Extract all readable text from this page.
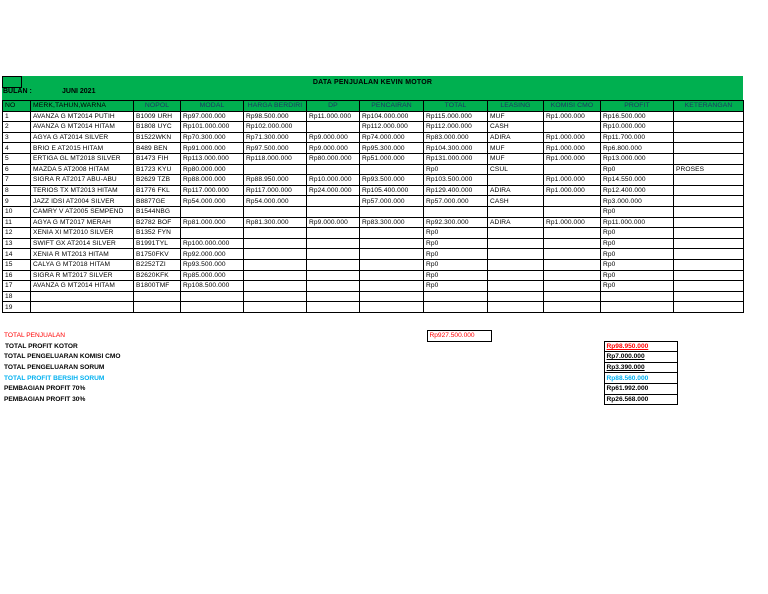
DATA PENJUALAN KEVIN MOTOR
BULAN :	JUNI 2021
NO	MERK,TAHUN,WARNA	NOPOL	MODAL	HARGA BERDIRI	DP	PENCAIRAN	TOTAL	LEASING	KOMISI CMO	PROFIT	KETERANGAN
1	AVANZA G MT2014 PUTIH	B1009 URH	Rp97.000.000	Rp98.500.000	Rp11.000.000	Rp104.000.000	Rp115.000.000	MUF	Rp1.000.000	Rp16.500.000	
2	AVANZA G MT2014 HITAM	B1808 UYC	Rp101.000.000	Rp102.000.000		Rp112.000.000	Rp112.000.000	CASH		Rp10.000.000	
3	AGYA G AT2014 SILVER	B1522WKN	Rp70.300.000	Rp71.300.000	Rp9.000.000	Rp74.000.000	Rp83.000.000	ADIRA	Rp1.000.000	Rp11.700.000	
4	BRIO E AT2015 HITAM	B489 BEN	Rp91.000.000	Rp97.500.000	Rp9.000.000	Rp95.300.000	Rp104.300.000	MUF	Rp1.000.000	Rp6.800.000	
5	ERTIGA GL MT2018 SILVER	B1473 FIH	Rp113.000.000	Rp118.000.000	Rp80.000.000	Rp51.000.000	Rp131.000.000	MUF	Rp1.000.000	Rp13.000.000	
6	MAZDA 5 AT2008 HITAM	B1723 KYU	Rp80.000.000				Rp0	CSUL		Rp0	PROSES
7	SIGRA R AT2017 ABU-ABU	B2629 TZB	Rp88.000.000	Rp88.950.000	Rp10.000.000	Rp93.500.000	Rp103.500.000		Rp1.000.000	Rp14.550.000	
8	TERIOS TX MT2013 HITAM	B1776 FKL	Rp117.000.000	Rp117.000.000	Rp24.000.000	Rp105.400.000	Rp129.400.000	ADIRA	Rp1.000.000	Rp12.400.000	
9	JAZZ IDSI AT2004 SILVER	B8877GE	Rp54.000.000	Rp54.000.000		Rp57.000.000	Rp57.000.000	CASH		Rp3.000.000	
10	CAMRY V AT2005 SEMPEND	B1544NBG								Rp0	
11	AGYA G MT2017 MERAH	B2782 BOF	Rp81.000.000	Rp81.300.000	Rp9.000.000	Rp83.300.000	Rp92.300.000	ADIRA	Rp1.000.000	Rp11.000.000	
12	XENIA XI MT2010 SILVER	B1352 FYN					Rp0			Rp0	
13	SWIFT GX AT2014 SILVER	B1991TYL	Rp100.000.000				Rp0			Rp0	
14	XENIA R MT2013 HITAM	B1750FKV	Rp92.000.000				Rp0			Rp0	
15	CALYA G MT2018 HITAM	B2252TZI	Rp93.500.000				Rp0			Rp0	
16	SIGRA R MT2017 SILVER	B2620KFK	Rp85.000.000				Rp0			Rp0	
17	AVANZA G MT2014 HITAM	B1800TMF	Rp108.500.000				Rp0			Rp0	
18											
19											
TOTAL PENJUALAN	Rp927.500.000			
TOTAL PROFIT KOTOR			Rp98.950.000	
TOTAL PENGELUARAN KOMISI CMO			Rp7.000.000	
TOTAL PENGELUARAN SORUM			Rp3.390.000	
TOTAL PROFIT BERSIH SORUM			Rp88.560.000	
PEMBAGIAN PROFIT 70%			Rp61.992.000	
PEMBAGIAN PROFIT 30%			Rp26.568.000	
